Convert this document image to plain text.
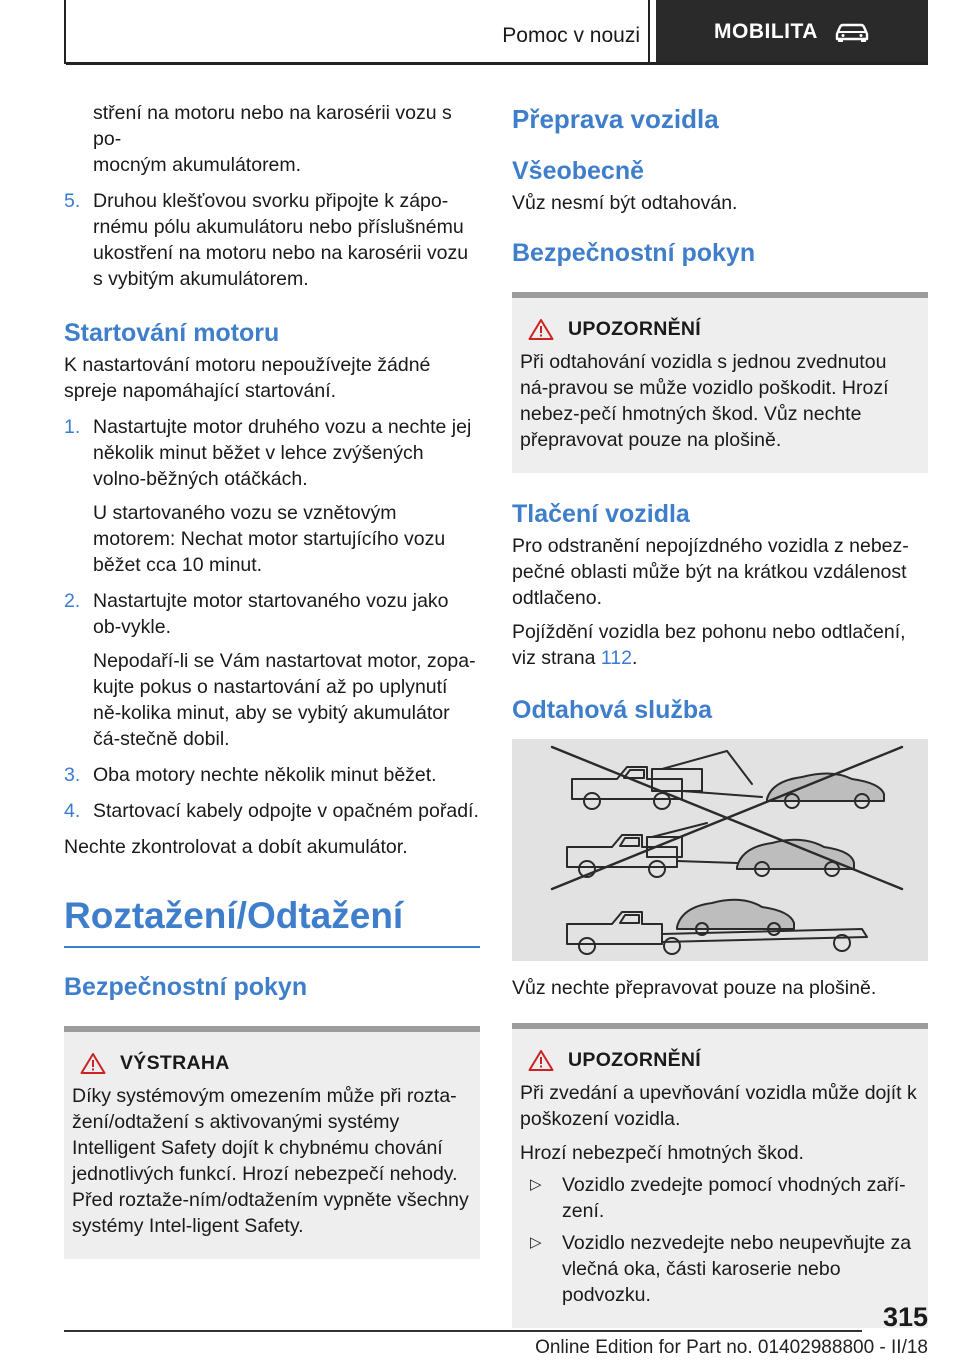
Pomoc v nouzi	MOBILITA

stření na motoru nebo na karosérii vozu s po-

mocným akumulátorem.

5. Druhou klešťovou svorku připojte k zápo-rnému pólu akumulátoru nebo příslušnému ukostření na motoru nebo na karosérii vozu s vybitým akumulátorem.

Startování motoru

K nastartování motoru nepoužívejte žádné spreje napomáhající startování.

1. Nastartujte motor druhého vozu a nechte jej několik minut běžet v lehce zvýšených volno-běžných otáčkách.

U startovaného vozu se vznětovým motorem: Nechat motor startujícího vozu běžet cca 10 minut.

2. Nastartujte motor startovaného vozu jako ob-vykle.

Nepodaří-li se Vám nastartovat motor, zopa-kujte pokus o nastartování až po uplynutí ně-kolika minut, aby se vybitý akumulátor čá-stečně dobil.

3. Oba motory nechte několik minut běžet.

4. Startovací kabely odpojte v opačném pořadí.

Nechte zkontrolovat a dobít akumulátor.

Roztažení/Odtažení
Bezpečnostní pokyn
VÝSTRAHA

Díky systémovým omezením může při rozta-žení/odtažení s aktivovanými systémy Intelligent Safety dojít k chybnému chování jednotlivých funkcí. Hrozí nebezpečí nehody. Před roztaže-ním/odtažením vypněte všechny systémy Intel-ligent Safety.

Přeprava vozidla
Všeobecně

Vůz nesmí být odtahován.

Bezpečnostní pokyn
UPOZORNĚNÍ

Při odtahování vozidla s jednou zvednutou ná-pravou se může vozidlo poškodit. Hrozí nebez-pečí hmotných škod. Vůz nechte přepravovat pouze na plošině.

Tlačení vozidla

Pro odstranění nepojízdného vozidla z nebez-pečné oblasti může být na krátkou vzdálenost odtlačeno.

Pojíždění vozidla bez pohonu nebo odtlačení, viz strana 112.

Odtahová služba

Vůz nechte přepravovat pouze na plošině.

UPOZORNĚNÍ

Při zvedání a upevňování vozidla může dojít k poškození vozidla.

Hrozí nebezpečí hmotných škod.

▷	Vozidlo zvedejte pomocí vhodných zaří-zení.

▷	Vozidlo nezvedejte nebo neupevňujte za vlečná oka, části karoserie nebo podvozku.

315
Online Edition for Part no. 01402988800 - II/18
